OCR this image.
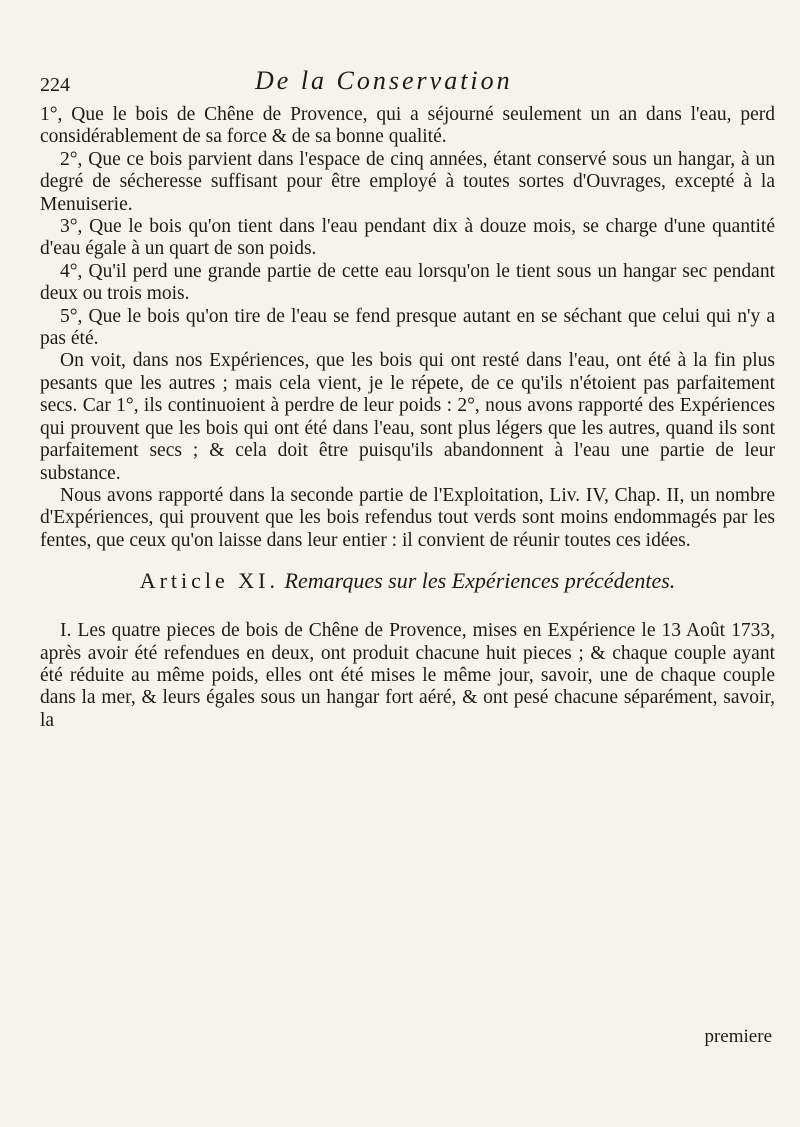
224	De la Conservation

1°, Que le bois de Chêne de Provence, qui a séjourné seulement un an dans l'eau, perd considérablement de sa force & de sa bonne qualité.

2°, Que ce bois parvient dans l'espace de cinq années, étant conservé sous un hangar, à un degré de sécheresse suffisant pour être employé à toutes sortes d'Ouvrages, excepté à la Menuiserie.

3°, Que le bois qu'on tient dans l'eau pendant dix à douze mois, se charge d'une quantité d'eau égale à un quart de son poids.

4°, Qu'il perd une grande partie de cette eau lorsqu'on le tient sous un hangar sec pendant deux ou trois mois.

5°, Que le bois qu'on tire de l'eau se fend presque autant en se séchant que celui qui n'y a pas été.

On voit, dans nos Expériences, que les bois qui ont resté dans l'eau, ont été à la fin plus pesants que les autres ; mais cela vient, je le répete, de ce qu'ils n'étoient pas parfaitement secs. Car 1°, ils continuoient à perdre de leur poids : 2°, nous avons rapporté des Expériences qui prouvent que les bois qui ont été dans l'eau, sont plus légers que les autres, quand ils sont parfaitement secs ; & cela doit être puisqu'ils abandonnent à l'eau une partie de leur substance.

Nous avons rapporté dans la seconde partie de l'Exploitation, Liv. IV, Chap. II, un nombre d'Expériences, qui prouvent que les bois refendus tout verds sont moins endommagés par les fentes, que ceux qu'on laisse dans leur entier : il convient de réunir toutes ces idées.

Article XI. Remarques sur les Expériences précédentes.

I. Les quatre pieces de bois de Chêne de Provence, mises en Expérience le 13 Août 1733, après avoir été refendues en deux, ont produit chacune huit pieces ; & chaque couple ayant été réduite au même poids, elles ont été mises le même jour, savoir, une de chaque couple dans la mer, & leurs égales sous un hangar fort aéré, & ont pesé chacune séparément, savoir, la

premiere
